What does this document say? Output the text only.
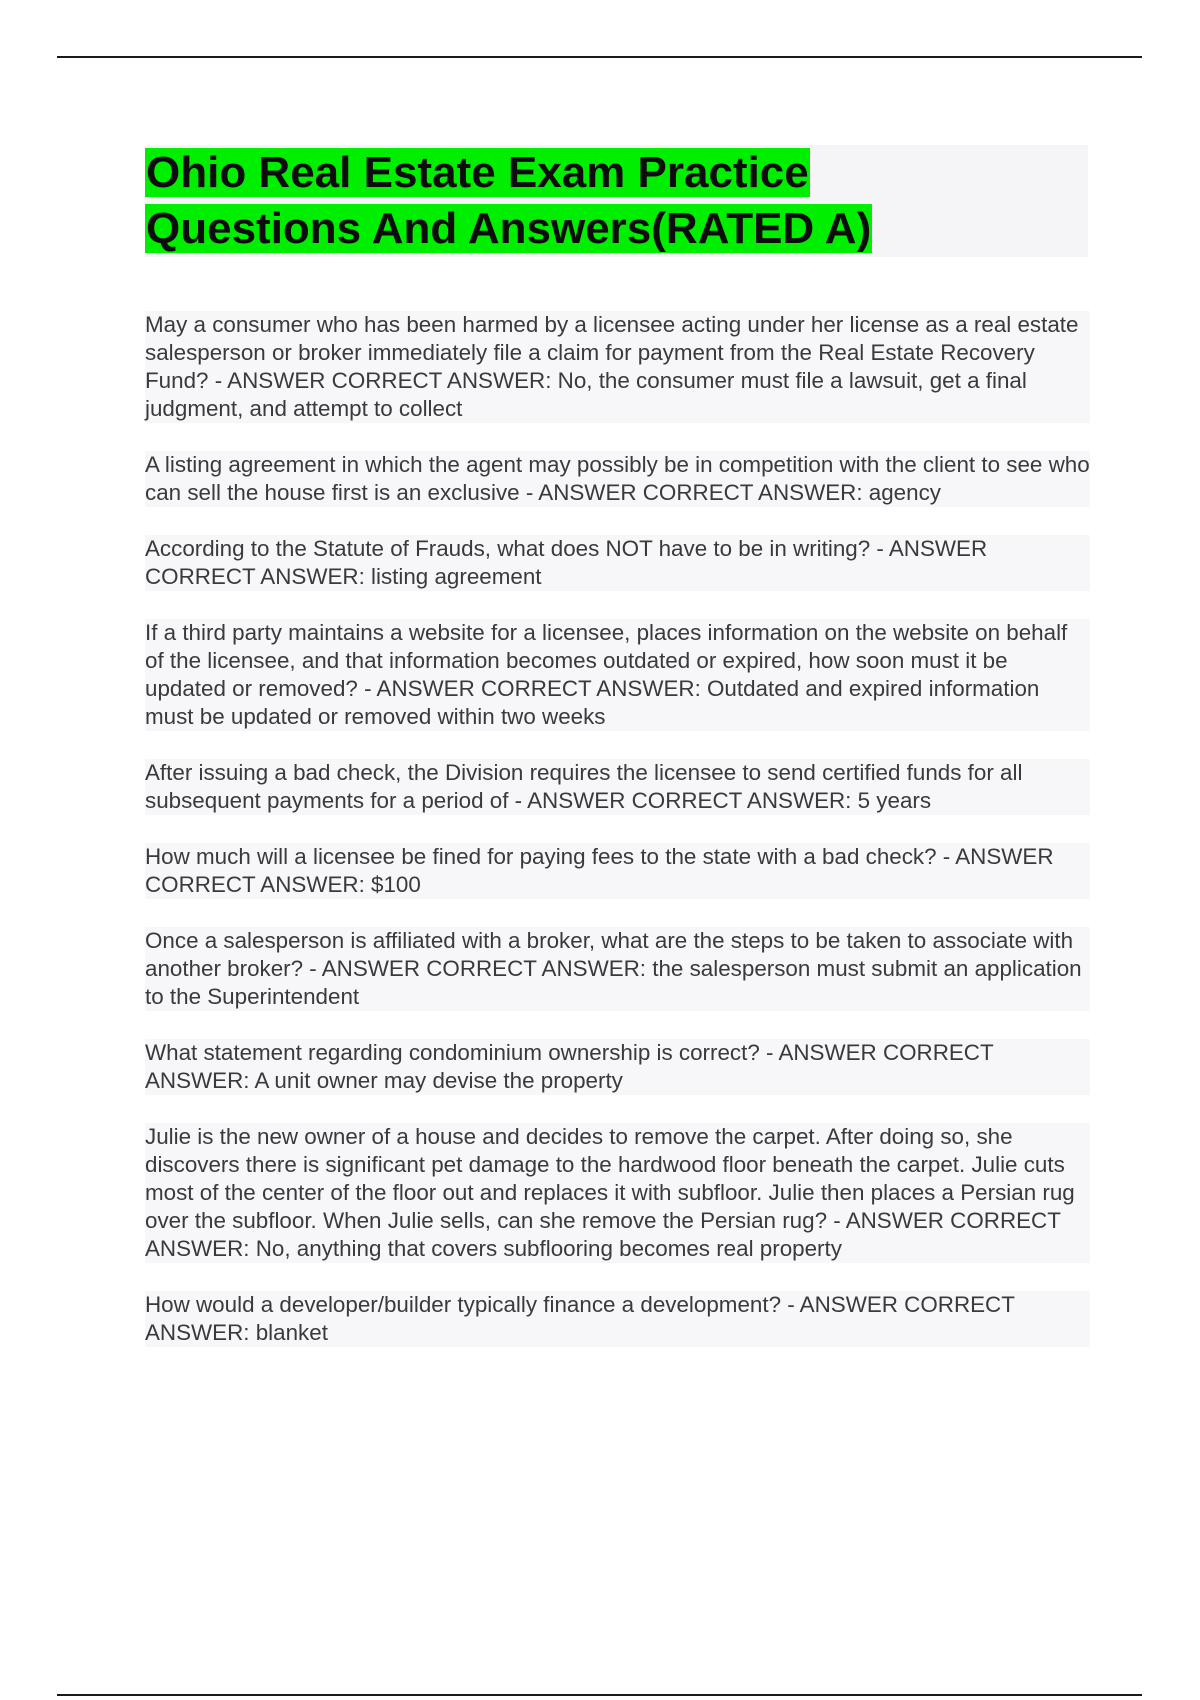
Ohio Real Estate Exam Practice
Questions And Answers(RATED A)

May a consumer who has been harmed by a licensee acting under her license as a real estate salesperson or broker immediately file a claim for payment from the Real Estate Recovery Fund? - ANSWER CORRECT ANSWER: No, the consumer must file a lawsuit, get a final judgment, and attempt to collect

A listing agreement in which the agent may possibly be in competition with the client to see who can sell the house first is an exclusive - ANSWER CORRECT ANSWER: agency

According to the Statute of Frauds, what does NOT have to be in writing? - ANSWER CORRECT ANSWER: listing agreement

If a third party maintains a website for a licensee, places information on the website on behalf of the licensee, and that information becomes outdated or expired, how soon must it be updated or removed? - ANSWER CORRECT ANSWER: Outdated and expired information must be updated or removed within two weeks

After issuing a bad check, the Division requires the licensee to send certified funds for all subsequent payments for a period of - ANSWER CORRECT ANSWER: 5 years

How much will a licensee be fined for paying fees to the state with a bad check? - ANSWER CORRECT ANSWER: $100

Once a salesperson is affiliated with a broker, what are the steps to be taken to associate with another broker? - ANSWER CORRECT ANSWER: the salesperson must submit an application to the Superintendent

What statement regarding condominium ownership is correct? - ANSWER CORRECT ANSWER: A unit owner may devise the property

Julie is the new owner of a house and decides to remove the carpet. After doing so, she discovers there is significant pet damage to the hardwood floor beneath the carpet. Julie cuts most of the center of the floor out and replaces it with subfloor. Julie then places a Persian rug over the subfloor. When Julie sells, can she remove the Persian rug? - ANSWER CORRECT ANSWER: No, anything that covers subflooring becomes real property

How would a developer/builder typically finance a development? - ANSWER CORRECT ANSWER: blanket
